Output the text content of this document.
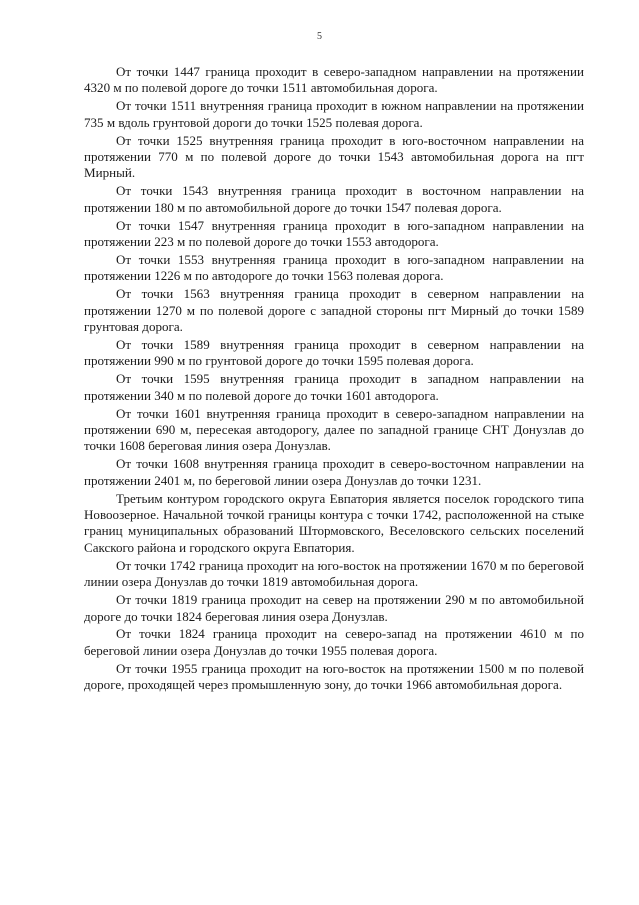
5

От точки 1447 граница проходит в северо-западном направлении на протяжении 4320 м по полевой дороге до точки 1511 автомобильная дорога.

От точки 1511 внутренняя граница проходит в южном направлении на протяжении 735 м вдоль грунтовой дороги до точки 1525 полевая дорога.

От точки 1525 внутренняя граница проходит в юго-восточном направлении на протяжении 770 м по полевой дороге до точки 1543 автомобильная дорога на пгт Мирный.

От точки 1543 внутренняя граница проходит в восточном направлении на протяжении 180 м по автомобильной дороге до точки 1547 полевая дорога.

От точки 1547 внутренняя граница проходит в юго-западном направлении на протяжении 223 м по полевой дороге до точки 1553 автодорога.

От точки 1553 внутренняя граница проходит в юго-западном направлении на протяжении 1226 м по автодороге до точки 1563 полевая дорога.

От точки 1563 внутренняя граница проходит в северном направлении на протяжении 1270 м по полевой дороге с западной стороны пгт Мирный до точки 1589 грунтовая дорога.

От точки 1589 внутренняя граница проходит в северном направлении на протяжении 990 м по грунтовой дороге до точки 1595 полевая дорога.

От точки 1595 внутренняя граница проходит в западном направлении на протяжении 340 м по полевой дороге до точки 1601 автодорога.

От точки 1601 внутренняя граница проходит в северо-западном направлении на протяжении 690 м, пересекая автодорогу, далее по западной границе СНТ Донузлав до точки 1608 береговая линия озера Донузлав.

От точки 1608 внутренняя граница проходит в северо-восточном направлении на протяжении 2401 м, по береговой линии озера Донузлав до точки 1231.

Третьим контуром городского округа Евпатория является поселок городского типа Новоозерное. Начальной точкой границы контура с точки 1742, расположенной на стыке границ муниципальных образований Штормовского, Веселовского сельских поселений Сакского района и городского округа Евпатория.

От точки 1742 граница проходит на юго-восток на протяжении 1670 м по береговой линии озера Донузлав до точки 1819 автомобильная дорога.

От точки 1819 граница проходит на север на протяжении 290 м по автомобильной дороге до точки 1824 береговая линия озера Донузлав.

От точки 1824 граница проходит на северо-запад на протяжении 4610 м по береговой линии озера Донузлав до точки 1955 полевая дорога.

От точки 1955 граница проходит на юго-восток на протяжении 1500 м по полевой дороге, проходящей через промышленную зону, до точки 1966 автомобильная дорога.
